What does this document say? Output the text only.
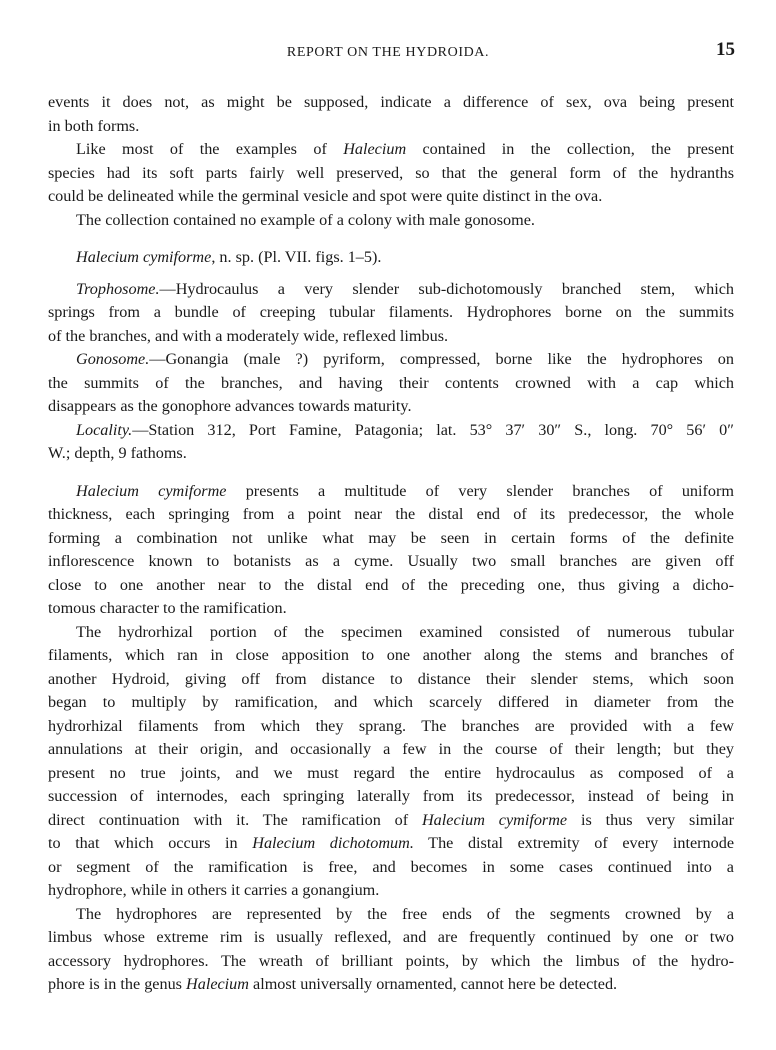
REPORT ON THE HYDROIDA.	15
events it does not, as might be supposed, indicate a difference of sex, ova being present
in both forms.
Like most of the examples of Halecium contained in the collection, the present
species had its soft parts fairly well preserved, so that the general form of the hydranths
could be delineated while the germinal vesicle and spot were quite distinct in the ova.
The collection contained no example of a colony with male gonosome.
Halecium cymiforme, n. sp. (Pl. VII. figs. 1–5).
Trophosome.—Hydrocaulus a very slender sub-dichotomously branched stem, which
springs from a bundle of creeping tubular filaments. Hydrophores borne on the summits
of the branches, and with a moderately wide, reflexed limbus.
Gonosome.—Gonangia (male ?) pyriform, compressed, borne like the hydrophores on
the summits of the branches, and having their contents crowned with a cap which
disappears as the gonophore advances towards maturity.
Locality.—Station 312, Port Famine, Patagonia; lat. 53° 37′ 30″ S., long. 70° 56′ 0″
W.; depth, 9 fathoms.
Halecium cymiforme presents a multitude of very slender branches of uniform
thickness, each springing from a point near the distal end of its predecessor, the whole
forming a combination not unlike what may be seen in certain forms of the definite
inflorescence known to botanists as a cyme. Usually two small branches are given off
close to one another near to the distal end of the preceding one, thus giving a dicho-
tomous character to the ramification.
The hydrorhizal portion of the specimen examined consisted of numerous tubular
filaments, which ran in close apposition to one another along the stems and branches of
another Hydroid, giving off from distance to distance their slender stems, which soon
began to multiply by ramification, and which scarcely differed in diameter from the
hydrorhizal filaments from which they sprang. The branches are provided with a few
annulations at their origin, and occasionally a few in the course of their length; but they
present no true joints, and we must regard the entire hydrocaulus as composed of a
succession of internodes, each springing laterally from its predecessor, instead of being in
direct continuation with it. The ramification of Halecium cymiforme is thus very similar
to that which occurs in Halecium dichotomum. The distal extremity of every internode
or segment of the ramification is free, and becomes in some cases continued into a
hydrophore, while in others it carries a gonangium.
The hydrophores are represented by the free ends of the segments crowned by a
limbus whose extreme rim is usually reflexed, and are frequently continued by one or two
accessory hydrophores. The wreath of brilliant points, by which the limbus of the hydro-
phore is in the genus Halecium almost universally ornamented, cannot here be detected.
